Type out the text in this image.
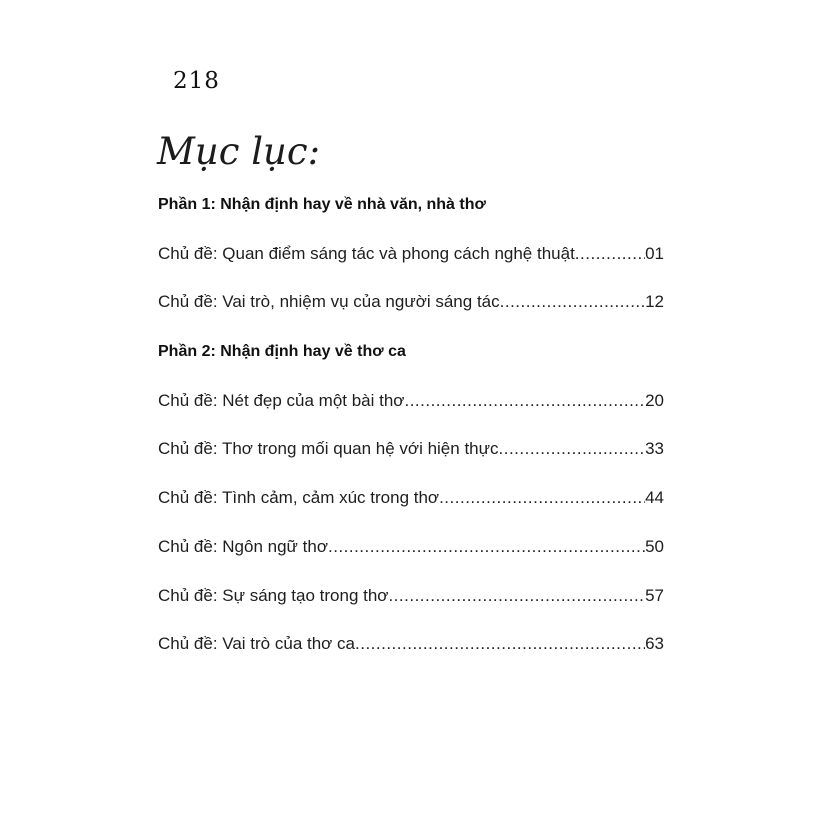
218
Mục lục:
Phần 1: Nhận định hay về nhà văn, nhà thơ
Chủ đề: Quan điểm sáng tác và phong cách nghệ thuật .....	01
Chủ đề: Vai trò, nhiệm vụ của người sáng tác .....	12
Phần 2: Nhận định hay về thơ ca
Chủ đề: Nét đẹp của một bài thơ .....	20
Chủ đề: Thơ trong mối quan hệ với hiện thực .....	33
Chủ đề: Tình cảm, cảm xúc trong thơ .....	44
Chủ đề: Ngôn ngữ thơ .....	50
Chủ đề: Sự sáng tạo trong thơ .....	57
Chủ đề: Vai trò của thơ ca .....	63
